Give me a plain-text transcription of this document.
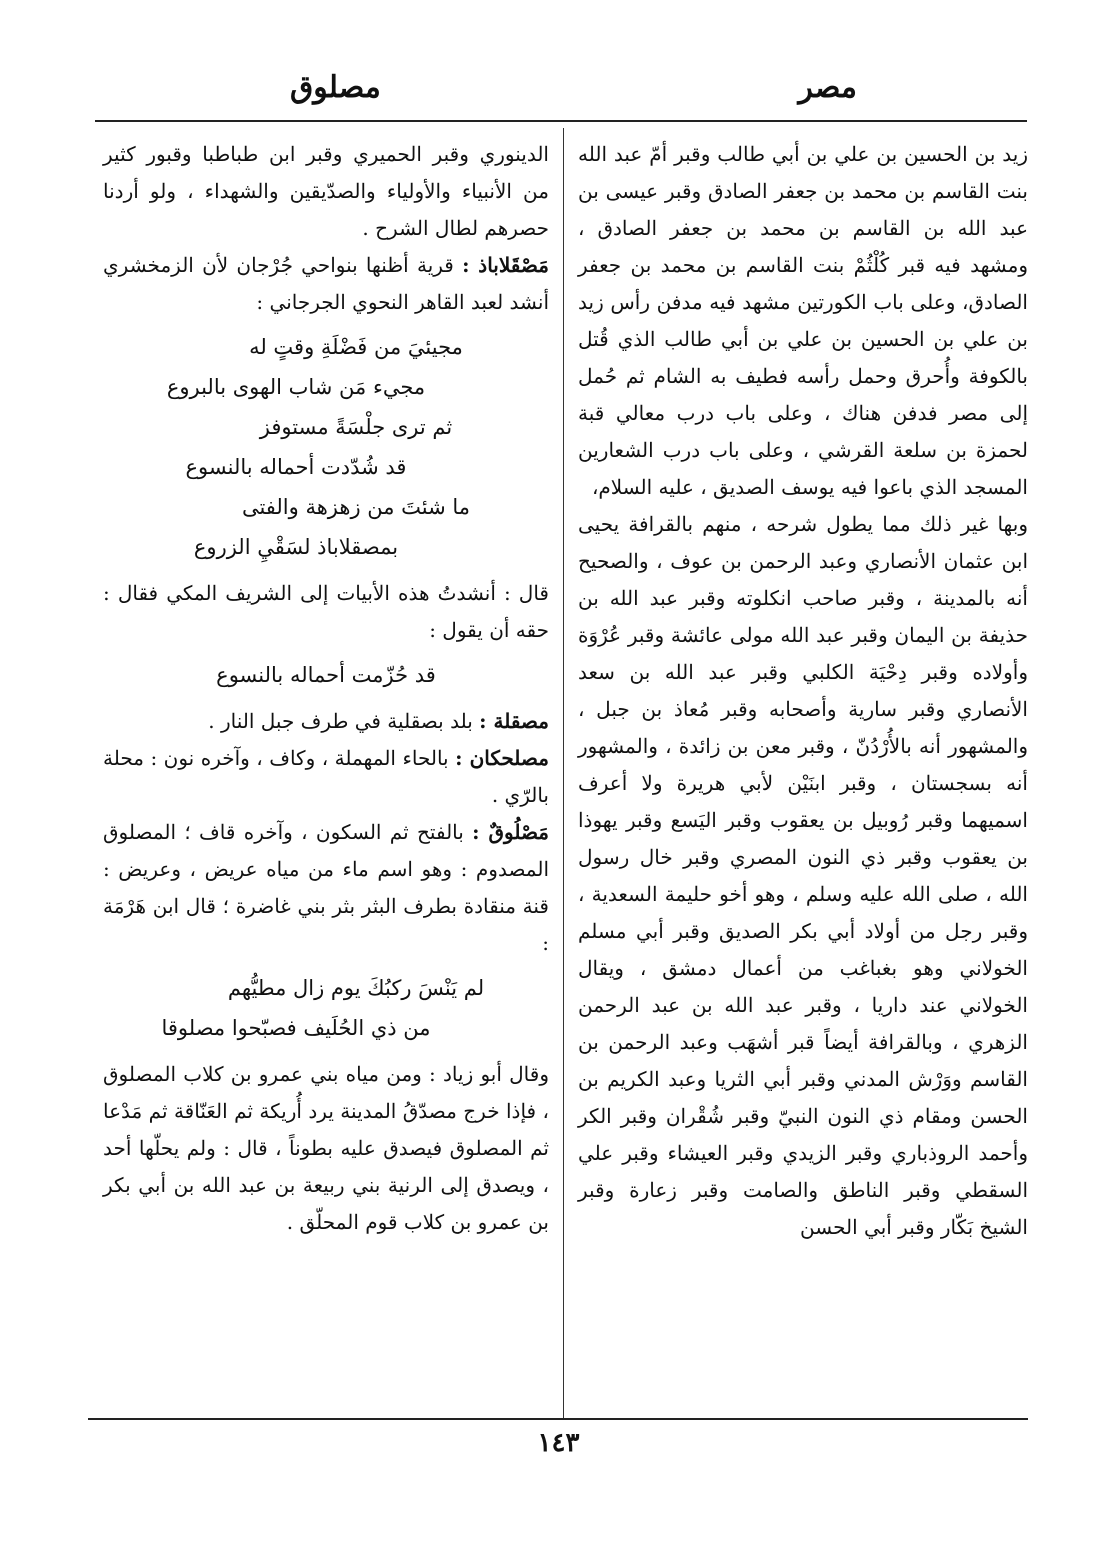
مصر
مصلوق

زيد بن الحسين بن علي بن أبي طالب وقبر أمّ عبد الله بنت القاسم بن محمد بن جعفر الصادق وقبر عيسى بن عبد الله بن القاسم بن محمد بن جعفر الصادق ، ومشهد فيه قبر كُلْثُمْ بنت القاسم بن محمد بن جعفر الصادق، وعلى باب الكورتين مشهد فيه مدفن رأس زيد بن علي بن الحسين بن علي بن أبي طالب الذي قُتل بالكوفة وأُحرق وحمل رأسه فطيف به الشام ثم حُمل إلى مصر فدفن هناك ، وعلى باب درب معالي قبة لحمزة بن سلعة القرشي ، وعلى باب درب الشعارين المسجد الذي باعوا فيه يوسف الصديق ، عليه السلام،

وبها غير ذلك مما يطول شرحه ، منهم بالقرافة يحيى ابن عثمان الأنصاري وعبد الرحمن بن عوف ، والصحيح أنه بالمدينة ، وقبر صاحب انكلوته وقبر عبد الله بن حذيفة بن اليمان وقبر عبد الله مولى عائشة وقبر عُرْوَة وأولاده وقبر دِحْيَة الكلبي وقبر عبد الله بن سعد الأنصاري وقبر سارية وأصحابه وقبر مُعاذ بن جبل ، والمشهور أنه بالأُرْدُنّ ، وقبر معن بن زائدة ، والمشهور أنه بسجستان ، وقبر ابنَيْن لأبي هريرة ولا أعرف اسميهما وقبر رُوبيل بن يعقوب وقبر اليَسع وقبر يهوذا بن يعقوب وقبر ذي النون المصري وقبر خال رسول الله ، صلى الله عليه وسلم ، وهو أخو حليمة السعدية ، وقبر رجل من أولاد أبي بكر الصديق وقبر أبي مسلم الخولاني وهو بغباغب من أعمال دمشق ، ويقال الخولاني عند داريا ، وقبر عبد الله بن عبد الرحمن الزهري ، وبالقرافة أيضاً قبر أشهَب وعبد الرحمن بن القاسم ووَرْش المدني وقبر أبي الثريا وعبد الكريم بن الحسن ومقام ذي النون النبيّ وقبر شُقْران وقبر الكر وأحمد الروذباري وقبر الزيدي وقبر العيشاء وقبر علي السقطي وقبر الناطق والصامت وقبر زعارة وقبر الشيخ بَكّار وقبر أبي الحسن

الدينوري وقبر الحميري وقبر ابن طباطبا وقبور كثير من الأنبياء والأولياء والصدّيقين والشهداء ، ولو أردنا حصرهم لطال الشرح .

مَصْقَلاباذ : قرية أظنها بنواحي جُرْجان لأن الزمخشري أنشد لعبد القاهر النحوي الجرجاني :

مجيئيَ من فَضْلَةِ وقتٍ له
مجيء مَن شاب الهوى بالبروع
ثم ترى جلْسَةً مستوفز
قد شُدّدت أحماله بالنسوع
ما شئتَ من زهزهة والفتى
بمصقلاباذ لسَقْيِ الزروع

قال : أنشدتُ هذه الأبيات إلى الشريف المكي فقال : حقه أن يقول :

قد حُزّمت أحماله بالنسوع

مصقلة : بلد بصقلية في طرف جبل النار .

مصلحكان : بالحاء المهملة ، وكاف ، وآخره نون : محلة بالرّي .

مَصْلُوقٌ : بالفتح ثم السكون ، وآخره قاف ؛ المصلوق المصدوم : وهو اسم ماء من مياه عريض ، وعريض : قنة منقادة بطرف البثر بثر بني غاضرة ؛ قال ابن هَرْمَة :

لم يَنْسَ ركبُكَ يوم زال مطيُّهم
من ذي الحُلَيف فصبّحوا مصلوقا

وقال أبو زياد : ومن مياه بني عمرو بن كلاب المصلوق ، فإذا خرج مصدّقُ المدينة يرد أُريكة ثم العَنّاقة ثم مَدْعا ثم المصلوق فيصدق عليه بطوناً ، قال : ولم يحلّها أحد ، ويصدق إلى الرنية بني ربيعة بن عبد الله بن أبي بكر بن عمرو بن كلاب قوم المحلّق .

١٤٣
